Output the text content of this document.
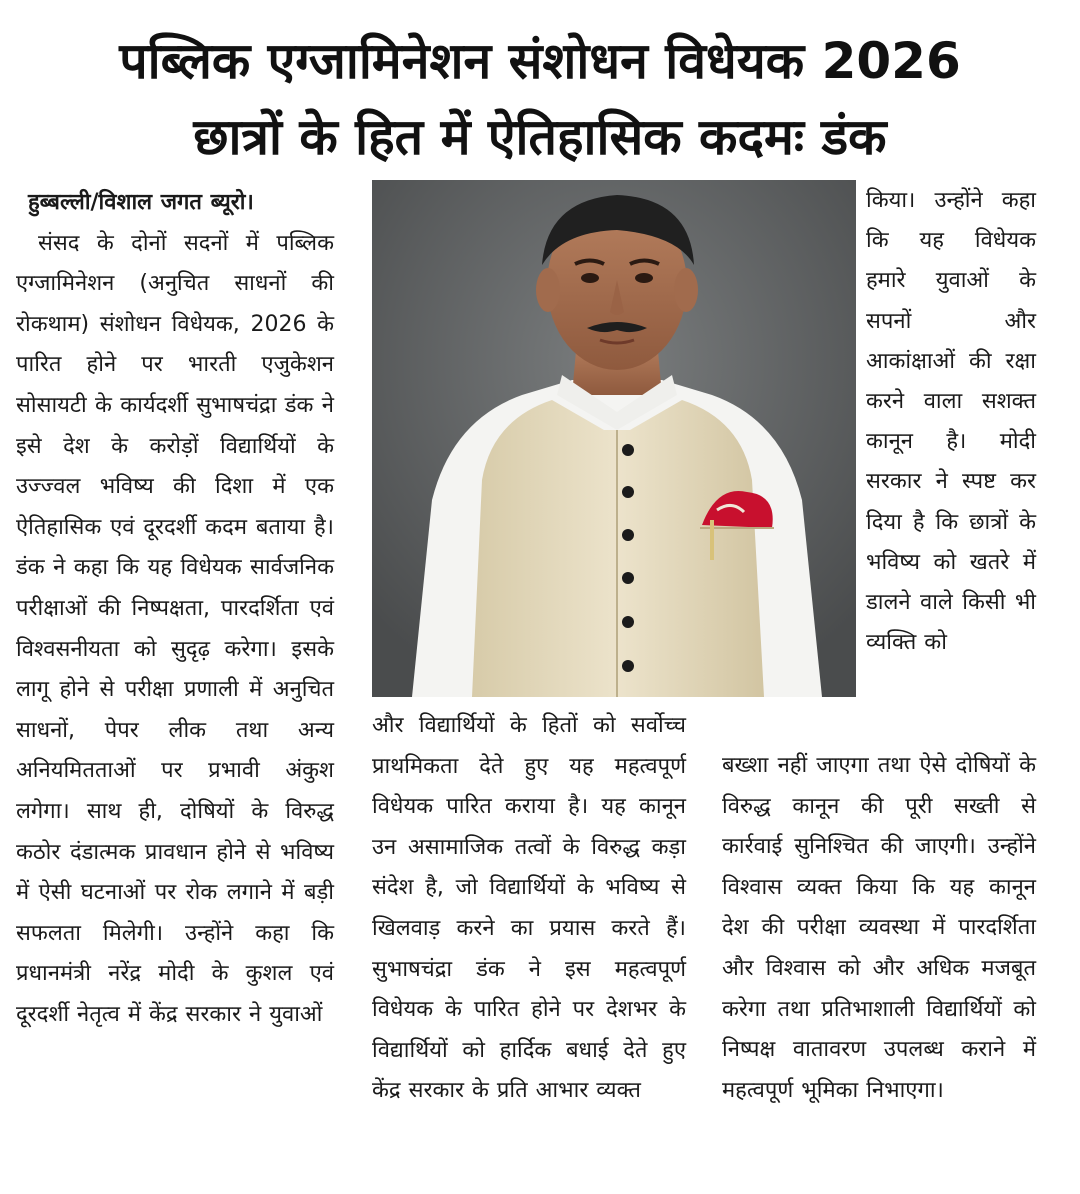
पब्लिक एग्जामिनेशन संशोधन विधेयक 2026
छात्रों के हित में ऐतिहासिक कदमः डंक

हुब्बल्ली/विशाल जगत ब्यूरो।

संसद के दोनों सदनों में पब्लिक एग्जामिनेशन (अनुचित साधनों की रोकथाम) संशोधन विधेयक, 2026 के पारित होने पर भारती एजुकेशन सोसायटी के कार्यदर्शी सुभाषचंद्रा डंक ने इसे देश के करोड़ों विद्यार्थियों के उज्ज्वल भविष्य की दिशा में एक ऐतिहासिक एवं दूरदर्शी कदम बताया है। डंक ने कहा कि यह विधेयक सार्वजनिक परीक्षाओं की निष्पक्षता, पारदर्शिता एवं विश्वसनीयता को सुदृढ़ करेगा। इसके लागू होने से परीक्षा प्रणाली में अनुचित साधनों, पेपर लीक तथा अन्य अनियमितताओं पर प्रभावी अंकुश लगेगा। साथ ही, दोषियों के विरुद्ध कठोर दंडात्मक प्रावधान होने से भविष्य में ऐसी घटनाओं पर रोक लगाने में बड़ी सफलता मिलेगी। उन्होंने कहा कि प्रधानमंत्री नरेंद्र मोदी के कुशल एवं दूरदर्शी नेतृत्व में केंद्र सरकार ने युवाओं

किया। उन्होंने कहा कि यह विधेयक हमारे युवाओं के सपनों और आकांक्षाओं की रक्षा करने वाला सशक्त कानून है। मोदी सरकार ने स्पष्ट कर दिया है कि छात्रों के भविष्य को खतरे में डालने वाले किसी भी व्यक्ति को

और विद्यार्थियों के हितों को सर्वोच्च प्राथमिकता देते हुए यह महत्वपूर्ण विधेयक पारित कराया है। यह कानून उन असामाजिक तत्वों के विरुद्ध कड़ा संदेश है, जो विद्यार्थियों के भविष्य से खिलवाड़ करने का प्रयास करते हैं। सुभाषचंद्रा डंक ने इस महत्वपूर्ण विधेयक के पारित होने पर देशभर के विद्यार्थियों को हार्दिक बधाई देते हुए केंद्र सरकार के प्रति आभार व्यक्त

बख्शा नहीं जाएगा तथा ऐसे दोषियों के विरुद्ध कानून की पूरी सख्ती से कार्रवाई सुनिश्चित की जाएगी। उन्होंने विश्वास व्यक्त किया कि यह कानून देश की परीक्षा व्यवस्था में पारदर्शिता और विश्वास को और अधिक मजबूत करेगा तथा प्रतिभाशाली विद्यार्थियों को निष्पक्ष वातावरण उपलब्ध कराने में महत्वपूर्ण भूमिका निभाएगा।
